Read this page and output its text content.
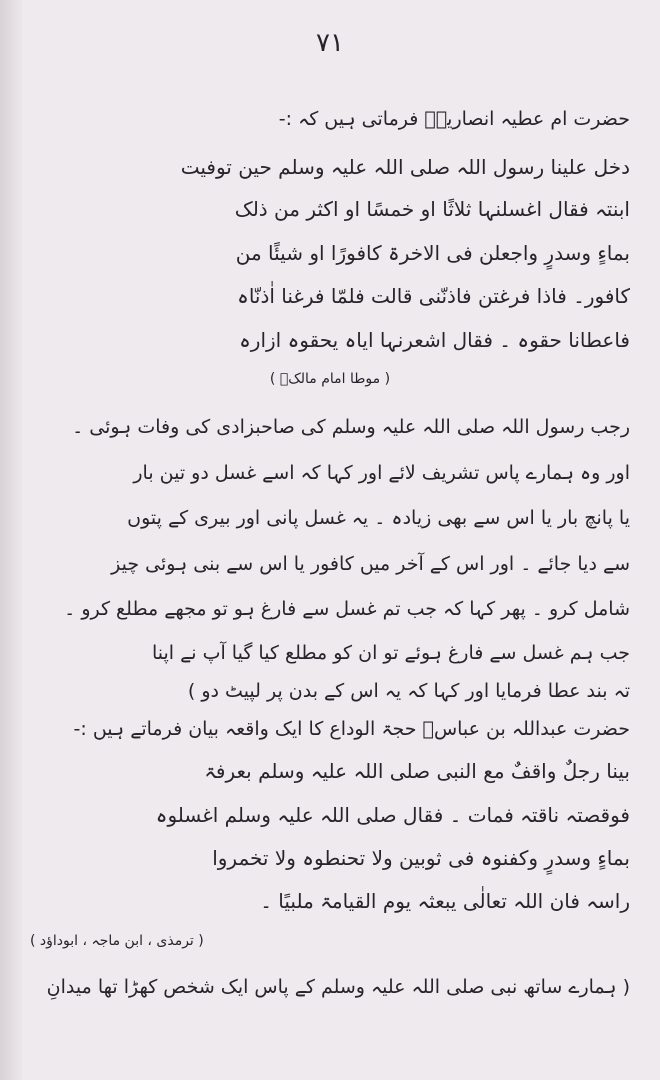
۷۱
حضرت ام عطیہ انصاریہؓ فرماتی ہیں کہ :-
دخل علینا رسول اللہ صلی اللہ علیہ وسلم حین توفیت
ابنتہ فقال اغسلنہا ثلاثًا او خمسًا او اکثر من ذلک
بماءٍ وسدرٍ واجعلن فی الاخرۃ کافورًا او شیئًا من
کافور۔ فاذا فرغتن فاذنّنی قالت فلمّا فرغنا اٰذنّاہ
فاعطانا حقوہ ۔ فقال اشعرنہا ایاہ یحقوہ ازارہ
( موطا امام مالکؒ )
رجب رسول اللہ صلی اللہ علیہ وسلم کی صاحبزادی کی وفات ہوئی ۔
اور وہ ہمارے پاس تشریف لائے اور کہا کہ اسے غسل دو تین بار
یا پانچ بار یا اس سے بھی زیادہ ۔ یہ غسل پانی اور بیری کے پتوں
سے دیا جائے ۔ اور اس کے آخر میں کافور یا اس سے بنی ہوئی چیز
شامل کرو ۔ پھر کہا کہ جب تم غسل سے فارغ ہو تو مجھے مطلع کرو ۔
جب ہم غسل سے فارغ ہوئے تو ان کو مطلع کیا گیا آپ نے اپنا
تہ بند عطا فرمایا اور کہا کہ یہ اس کے بدن پر لپیٹ دو )
حضرت عبداللہ بن عباسؓ حجۃ الوداع کا ایک واقعہ بیان فرماتے ہیں :-
بینا رجلٌ واقفٌ مع النبی صلی اللہ علیہ وسلم بعرفۃ
فوقصتہ ناقتہ فمات ۔ فقال صلی اللہ علیہ وسلم اغسلوہ
بماءٍ وسدرٍ وکفنوہ فی ثوبین ولا تحنطوہ ولا تخمروا
راسہ فان اللہ تعالٰی یبعثہ یوم القیامۃ ملبیًا ۔
( ترمذی ، ابن ماجہ ، ابوداؤد )
( ہمارے ساتھ نبی صلی اللہ علیہ وسلم کے پاس ایک شخص کھڑا تھا میدانِ
